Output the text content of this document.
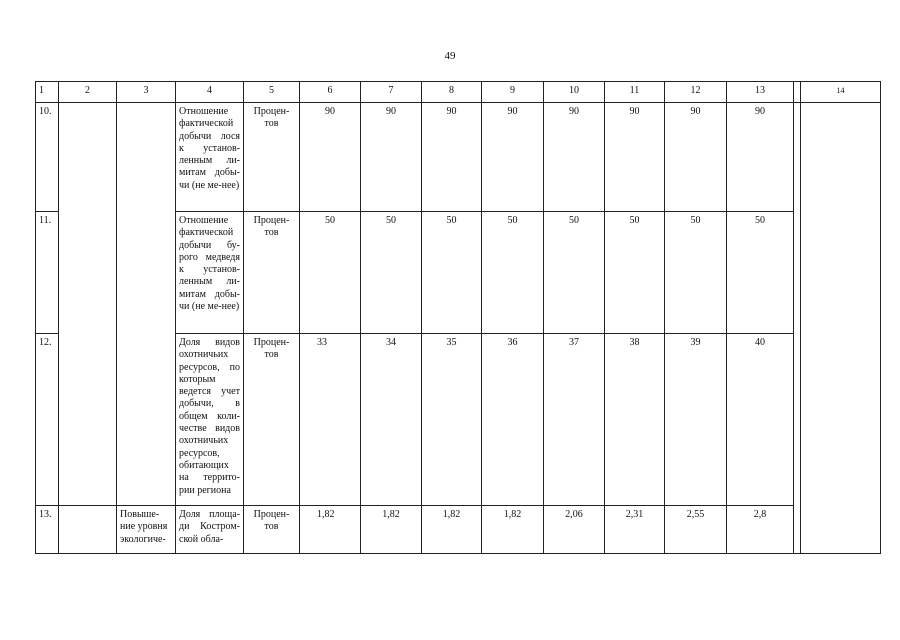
49
1	2	3	4	5	6	7	8	9	10	11	12	13		14
10.			Отношение фактической добычи лося к установ-ленным ли-митам добы-чи (не ме-нее)	Процен-тов	90	90	90	90	90	90	90	90		
11.			Отношение фактической добычи бу-рого медведя к установ-ленным ли-митам добы-чи (не ме-нее)	Процен-тов	50	50	50	50	50	50	50	50		
12.			Доля видов охотничьих ресурсов, по которым ведется учет добычи, в общем коли-честве видов охотничьих ресурсов, обитающих на террито-рии региона	Процен-тов	33	34	35	36	37	38	39	40		
13.		Повыше-ние уровня экологиче-	Доля площа-ди Костром-ской обла-	Процен-тов	1,82	1,82	1,82	1,82	2,06	2,31	2,55	2,8		
